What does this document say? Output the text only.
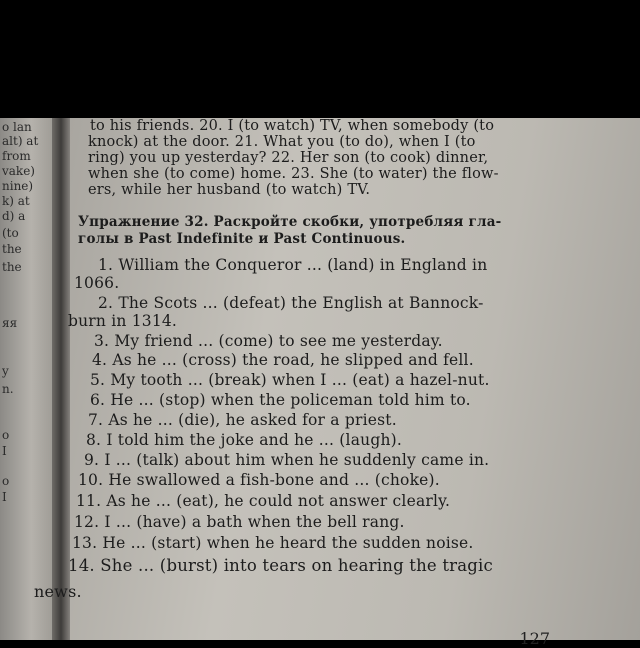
o lan
alt) at
from
vake)
nine)
k) at
d) a
(to
the
the
яя
y
n.
o
I
o
I
to his friends. 20. I (to watch) TV, when somebody (to
knock) at the door. 21. What you (to do), when I (to
ring) you up yesterday? 22. Her son (to cook) dinner,
when she (to come) home. 23. She (to water) the flow-
ers, while her husband (to watch) TV.
Упражнение 32. Раскройте скобки, употребляя гла-
голы в Past Indefinite и Past Continuous.
1. William the Conqueror ... (land) in England in
1066.
2. The Scots ... (defeat) the English at Bannock-
burn in 1314.
3. My friend ... (come) to see me yesterday.
4. As he ... (cross) the road, he slipped and fell.
5. My tooth ... (break) when I ... (eat) a hazel-nut.
6. He ... (stop) when the policeman told him to.
7. As he ... (die), he asked for a priest.
8. I told him the joke and he ... (laugh).
9. I ... (talk) about him when he suddenly came in.
10. He swallowed a fish-bone and ... (choke).
11. As he ... (eat), he could not answer clearly.
12. I ... (have) a bath when the bell rang.
13. He ... (start) when he heard the sudden noise.
14. She ... (burst) into tears on hearing the tragic
news.
127
